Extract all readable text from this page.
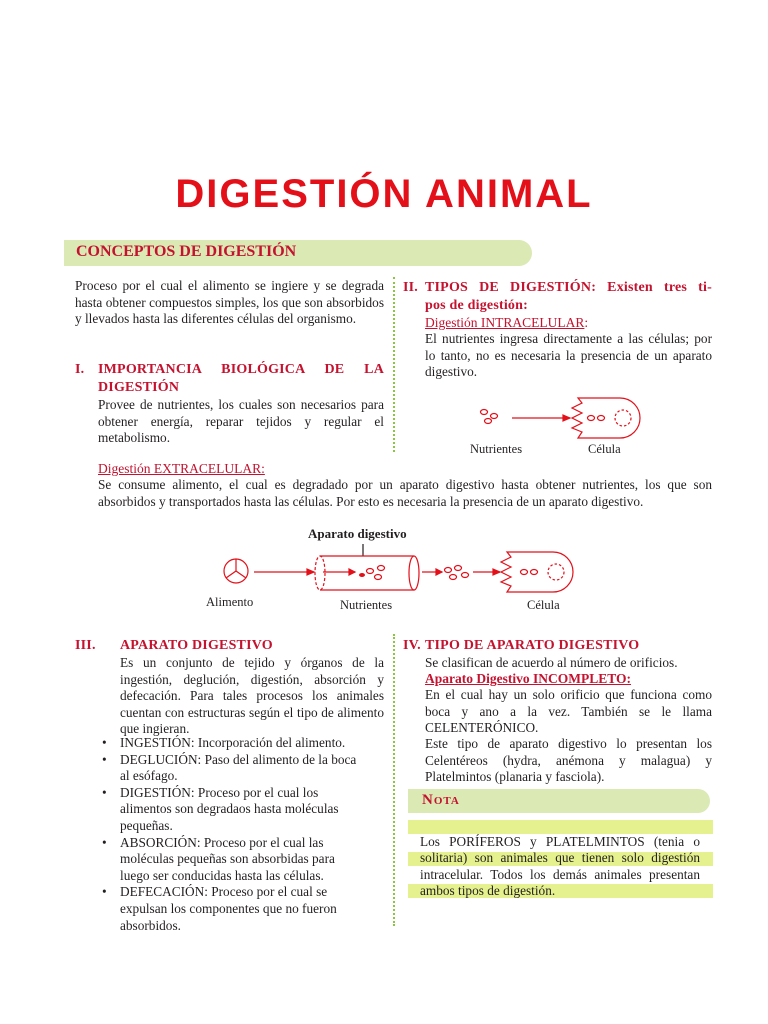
DIGESTIÓN ANIMAL
CONCEPTOS DE DIGESTIÓN
Proceso por el cual el alimento se ingiere y se degrada hasta obtener compuestos simples, los que son absorbidos y llevados hasta las diferentes células del organismo.
I. IMPORTANCIA BIOLÓGICA DE LA
DIGESTIÓN
Provee de nutrientes, los cuales son necesarios para obtener energía, reparar tejidos y regular el metabolismo.
II. TIPOS DE DIGESTIÓN: Existen tres ti-
pos de digestión:
Digestión INTRACELULAR:
El nutrientes ingresa directamente a las células; por lo tanto, no es necesaria la presencia de un aparato digestivo.
Nutrientes	Célula
Digestión EXTRACELULAR:
Se consume alimento, el cual es degradado por un aparato digestivo hasta obtener nutrientes, los que son absorbidos y transportados hasta las células. Por esto es necesaria la presencia de un aparato digestivo.
Aparato digestivo
Alimento	Nutrientes	Célula
III. APARATO DIGESTIVO
Es un conjunto de tejido y órganos de la ingestión, deglución, digestión, absorción y defecación. Para tales procesos los animales cuentan con estructuras según el tipo de alimento que ingieran.
• INGESTIÓN: Incorporación del alimento.
• DEGLUCIÓN: Paso del alimento de la boca al esófago.
• DIGESTIÓN: Proceso por el cual los alimentos son degradaos hasta moléculas pequeñas.
• ABSORCIÓN: Proceso por el cual las moléculas pequeñas son absorbidas para luego ser conducidas hasta las células.
• DEFECACIÓN: Proceso por el cual se expulsan los componentes que no fueron absorbidos.
IV. TIPO DE APARATO DIGESTIVO
Se clasifican de acuerdo al número de orificios.
Aparato Digestivo INCOMPLETO:
En el cual hay un solo orificio que funciona como boca y ano a la vez. También se le llama CELENTERÓNICO.
Este tipo de aparato digestivo lo presentan los Celentéreos (hydra, anémona y malagua) y Platelmintos (planaria y fasciola).
Nota
Los PORÍFEROS y PLATELMINTOS (tenia o solitaria) son animales que tienen solo digestión intracelular. Todos los demás animales presentan ambos tipos de digestión.
